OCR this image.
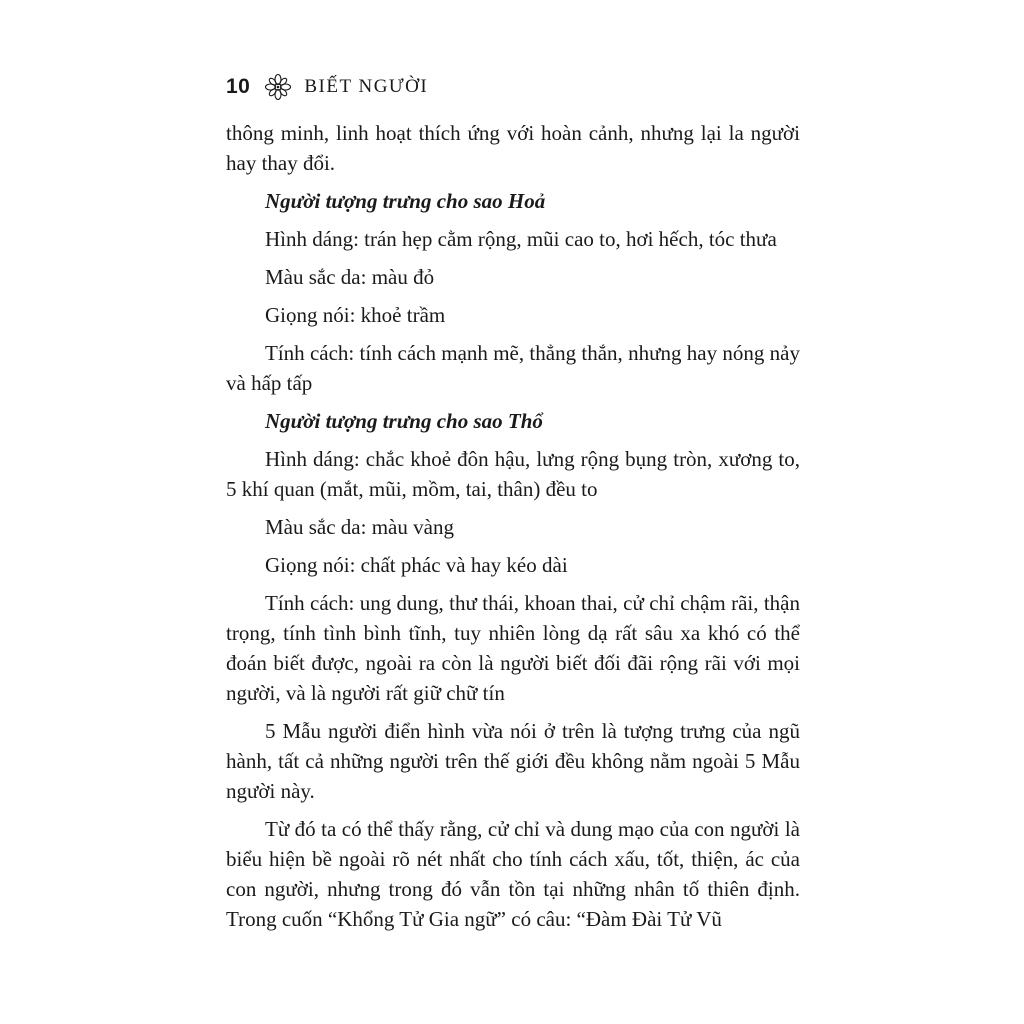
10	BIẾT NGƯỜI

thông minh, linh hoạt thích ứng với hoàn cảnh, nhưng lại la người hay thay đổi.

Người tượng trưng cho sao Hoả

Hình dáng: trán hẹp cằm rộng, mũi cao to, hơi hếch, tóc thưa

Màu sắc da: màu đỏ

Giọng nói: khoẻ trầm

Tính cách: tính cách mạnh mẽ, thẳng thắn, nhưng hay nóng nảy và hấp tấp

Người tượng trưng cho sao Thổ

Hình dáng: chắc khoẻ đôn hậu, lưng rộng bụng tròn, xương to, 5 khí quan (mắt, mũi, mồm, tai, thân) đều to

Màu sắc da: màu vàng

Giọng nói: chất phác và hay kéo dài

Tính cách: ung dung, thư thái, khoan thai, cử chỉ chậm rãi, thận trọng, tính tình bình tĩnh, tuy nhiên lòng dạ rất sâu xa khó có thể đoán biết được, ngoài ra còn là người biết đối đãi rộng rãi với mọi người, và là người rất giữ chữ tín

5 Mẫu người điển hình vừa nói ở trên là tượng trưng của ngũ hành, tất cả những người trên thế giới đều không nằm ngoài 5 Mẫu người này.

Từ đó ta có thể thấy rằng, cử chỉ và dung mạo của con người là biểu hiện bề ngoài rõ nét nhất cho tính cách xấu, tốt, thiện, ác của con người, nhưng trong đó vẫn tồn tại những nhân tố thiên định. Trong cuốn “Khổng Tử Gia ngữ” có câu: “Đàm Đài Tử Vũ
